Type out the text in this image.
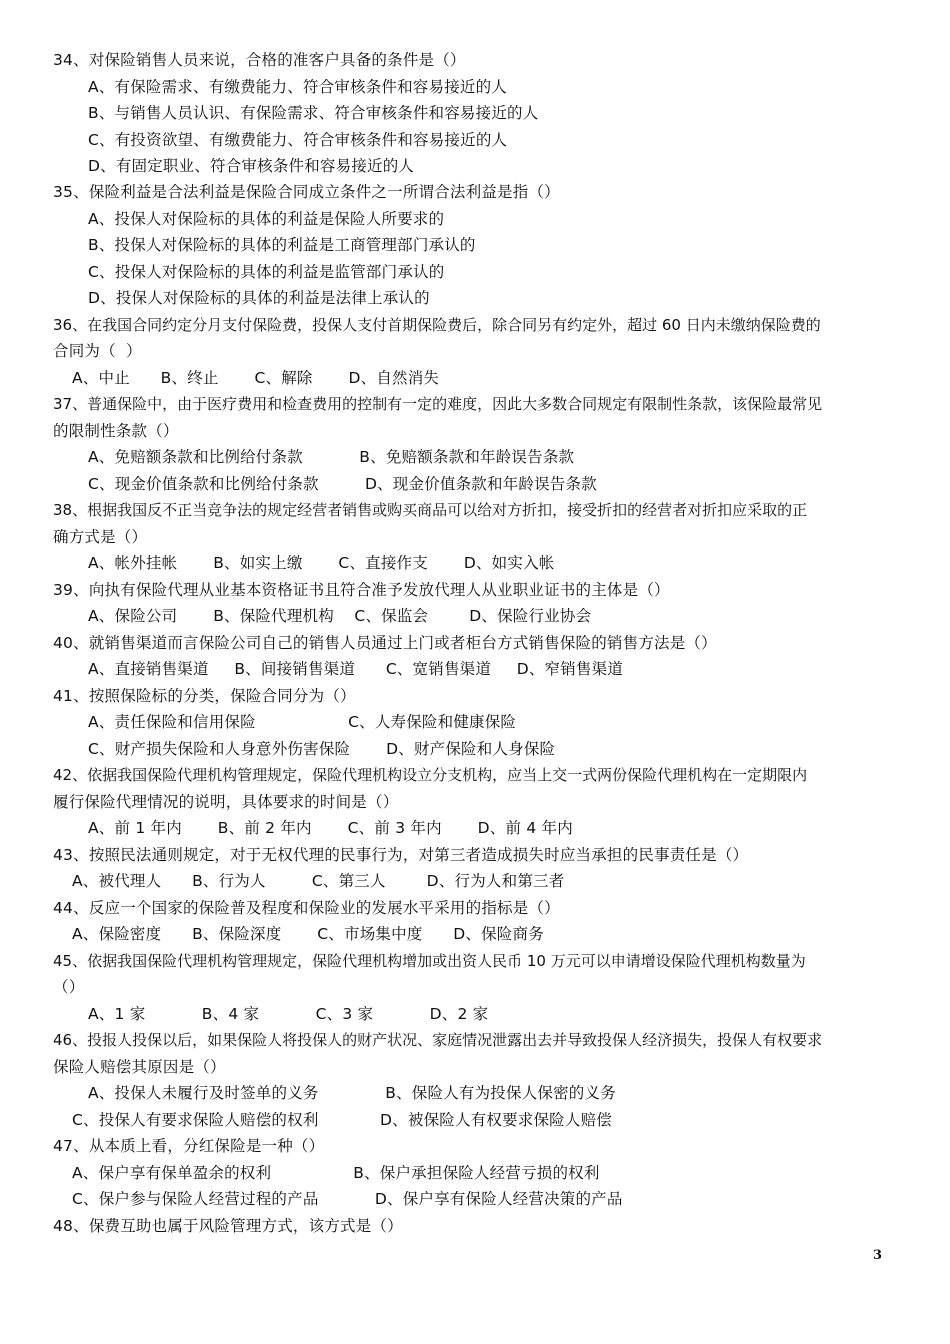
34、对保险销售人员来说，合格的准客户具备的条件是（）
A、有保险需求、有缴费能力、符合审核条件和容易接近的人
B、与销售人员认识、有保险需求、符合审核条件和容易接近的人
C、有投资欲望、有缴费能力、符合审核条件和容易接近的人
D、有固定职业、符合审核条件和容易接近的人
35、保险利益是合法利益是保险合同成立条件之一所谓合法利益是指（）
A、投保人对保险标的具体的利益是保险人所要求的
B、投保人对保险标的具体的利益是工商管理部门承认的
C、投保人对保险标的具体的利益是监管部门承认的
D、投保人对保险标的具体的利益是法律上承认的
36、在我国合同约定分月支付保险费，投保人支付首期保险费后，除合同另有约定外，超过 60 日内未缴纳保险费的
合同为（  ）
A、中止      B、终止       C、解除       D、自然消失
37、普通保险中，由于医疗费用和检查费用的控制有一定的难度，因此大多数合同规定有限制性条款，该保险最常见
的限制性条款（）
A、免赔额条款和比例给付条款           B、免赔额条款和年龄误告条款
C、现金价值条款和比例给付条款         D、现金价值条款和年龄误告条款
38、根据我国反不正当竞争法的规定经营者销售或购买商品可以给对方折扣，接受折扣的经营者对折扣应采取的正
确方式是（）
A、帐外挂帐       B、如实上缴       C、直接作支       D、如实入帐
39、向执有保险代理从业基本资格证书且符合准予发放代理人从业职业证书的主体是（）
A、保险公司       B、保险代理机构    C、保监会        D、保险行业协会
40、就销售渠道而言保险公司自己的销售人员通过上门或者柜台方式销售保险的销售方法是（）
A、直接销售渠道     B、间接销售渠道      C、宽销售渠道     D、窄销售渠道
41、按照保险标的分类，保险合同分为（）
A、责任保险和信用保险                  C、人寿保险和健康保险
C、财产损失保险和人身意外伤害保险       D、财产保险和人身保险
42、依据我国保险代理机构管理规定，保险代理机构设立分支机构，应当上交一式两份保险代理机构在一定期限内
履行保险代理情况的说明，具体要求的时间是（）
A、前 1 年内       B、前 2 年内       C、前 3 年内       D、前 4 年内
43、按照民法通则规定，对于无权代理的民事行为，对第三者造成损失时应当承担的民事责任是（）
A、被代理人      B、行为人         C、第三人        D、行为人和第三者
44、反应一个国家的保险普及程度和保险业的发展水平采用的指标是（）
A、保险密度      B、保险深度       C、市场集中度      D、保险商务
45、依据我国保险代理机构管理规定，保险代理机构增加或出资人民币 10 万元可以申请增设保险代理机构数量为
（）
A、1 家           B、4 家           C、3 家           D、2 家
46、投报人投保以后，如果保险人将投保人的财产状况、家庭情况泄露出去并导致投保人经济损失，投保人有权要求
保险人赔偿其原因是（）
A、投保人未履行及时签单的义务             B、保险人有为投保人保密的义务
C、投保人有要求保险人赔偿的权利            D、被保险人有权要求保险人赔偿
47、从本质上看，分红保险是一种（）
A、保户享有保单盈余的权利                B、保户承担保险人经营亏损的权利
C、保户参与保险人经营过程的产品           D、保户享有保险人经营决策的产品
48、保费互助也属于风险管理方式，该方式是（）
3
